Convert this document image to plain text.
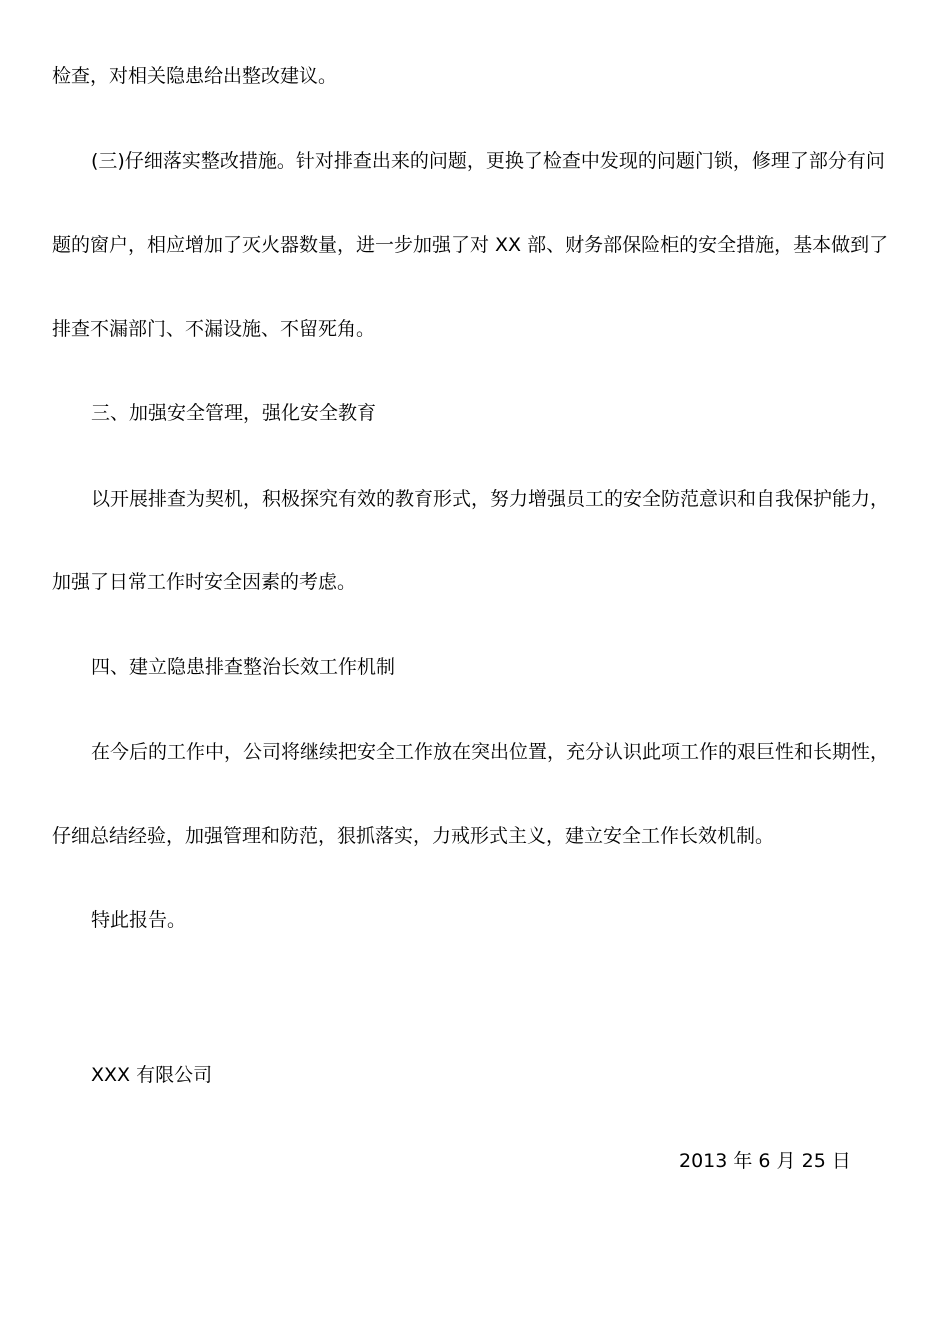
检查，对相关隐患给出整改建议。
(三)仔细落实整改措施。针对排查出来的问题，更换了检查中发现的问题门锁，修理了部分有问
题的窗户，相应增加了灭火器数量，进一步加强了对 XX 部、财务部保险柜的安全措施，基本做到了
排查不漏部门、不漏设施、不留死角。
三、加强安全管理，强化安全教育
以开展排查为契机，积极探究有效的教育形式，努力增强员工的安全防范意识和自我保护能力，
加强了日常工作时安全因素的考虑。
四、建立隐患排查整治长效工作机制
在今后的工作中，公司将继续把安全工作放在突出位置，充分认识此项工作的艰巨性和长期性，
仔细总结经验，加强管理和防范，狠抓落实，力戒形式主义，建立安全工作长效机制。
特此报告。
XXX 有限公司
2013 年 6 月 25 日
